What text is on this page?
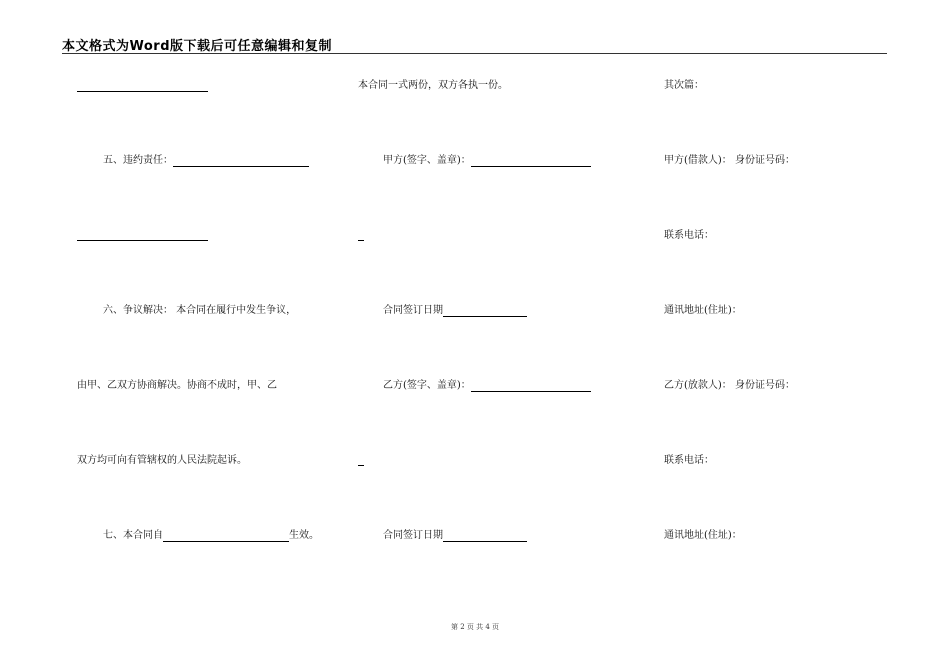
本文格式为Word版下载后可任意编辑和复制
五、违约责任：
六、争议解决： 本合同在履行中发生争议，
由甲、乙双方协商解决。协商不成时，甲、乙
双方均可向有管辖权的人民法院起诉。
七、本合同自	生效。
本合同一式两份，双方各执一份。
甲方(签字、盖章)：
合同签订日期
乙方(签字、盖章)：
合同签订日期
其次篇：
甲方(借款人)： 身份证号码：
联系电话：
通讯地址(住址)：
乙方(放款人)： 身份证号码：
联系电话：
通讯地址(住址)：
第 2 页 共 4 页
